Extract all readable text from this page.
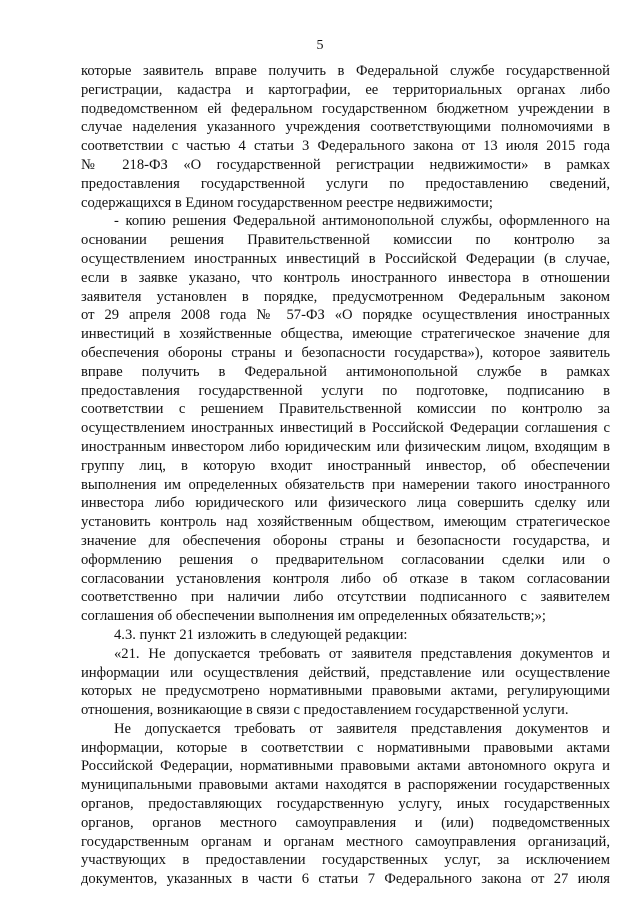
5
которые заявитель вправе получить в Федеральной службе государственной
регистрации, кадастра и картографии, ее территориальных органах либо
подведомственном ей федеральном государственном бюджетном учреждении в
случае наделения указанного учреждения соответствующими полномочиями в
соответствии с частью 4 статьи 3 Федерального закона от 13 июля 2015 года
№ 218-ФЗ «О государственной регистрации недвижимости» в рамках
предоставления государственной услуги по предоставлению сведений,
содержащихся в Едином государственном реестре недвижимости;
- копию решения Федеральной антимонопольной службы, оформленного на
основании решения Правительственной комиссии по контролю за
осуществлением иностранных инвестиций в Российской Федерации (в случае,
если в заявке указано, что контроль иностранного инвестора в отношении
заявителя установлен в порядке, предусмотренном Федеральным законом
от 29 апреля 2008 года № 57-ФЗ «О порядке осуществления иностранных
инвестиций в хозяйственные общества, имеющие стратегическое значение для
обеспечения обороны страны и безопасности государства»), которое заявитель
вправе получить в Федеральной антимонопольной службе в рамках
предоставления государственной услуги по подготовке, подписанию в
соответствии с решением Правительственной комиссии по контролю за
осуществлением иностранных инвестиций в Российской Федерации соглашения с
иностранным инвестором либо юридическим или физическим лицом, входящим в
группу лиц, в которую входит иностранный инвестор, об обеспечении
выполнения им определенных обязательств при намерении такого иностранного
инвестора либо юридического или физического лица совершить сделку или
установить контроль над хозяйственным обществом, имеющим стратегическое
значение для обеспечения обороны страны и безопасности государства, и
оформлению решения о предварительном согласовании сделки или о
согласовании установления контроля либо об отказе в таком согласовании
соответственно при наличии либо отсутствии подписанного с заявителем
соглашения об обеспечении выполнения им определенных обязательств;»;
4.3. пункт 21 изложить в следующей редакции:
«21. Не допускается требовать от заявителя представления документов и
информации или осуществления действий, представление или осуществление
которых не предусмотрено нормативными правовыми актами, регулирующими
отношения, возникающие в связи с предоставлением государственной услуги.
Не допускается требовать от заявителя представления документов и
информации, которые в соответствии с нормативными правовыми актами
Российской Федерации, нормативными правовыми актами автономного округа и
муниципальными правовыми актами находятся в распоряжении государственных
органов, предоставляющих государственную услугу, иных государственных
органов, органов местного самоуправления и (или) подведомственных
государственным органам и органам местного самоуправления организаций,
участвующих в предоставлении государственных услуг, за исключением
документов, указанных в части 6 статьи 7 Федерального закона от 27 июля
